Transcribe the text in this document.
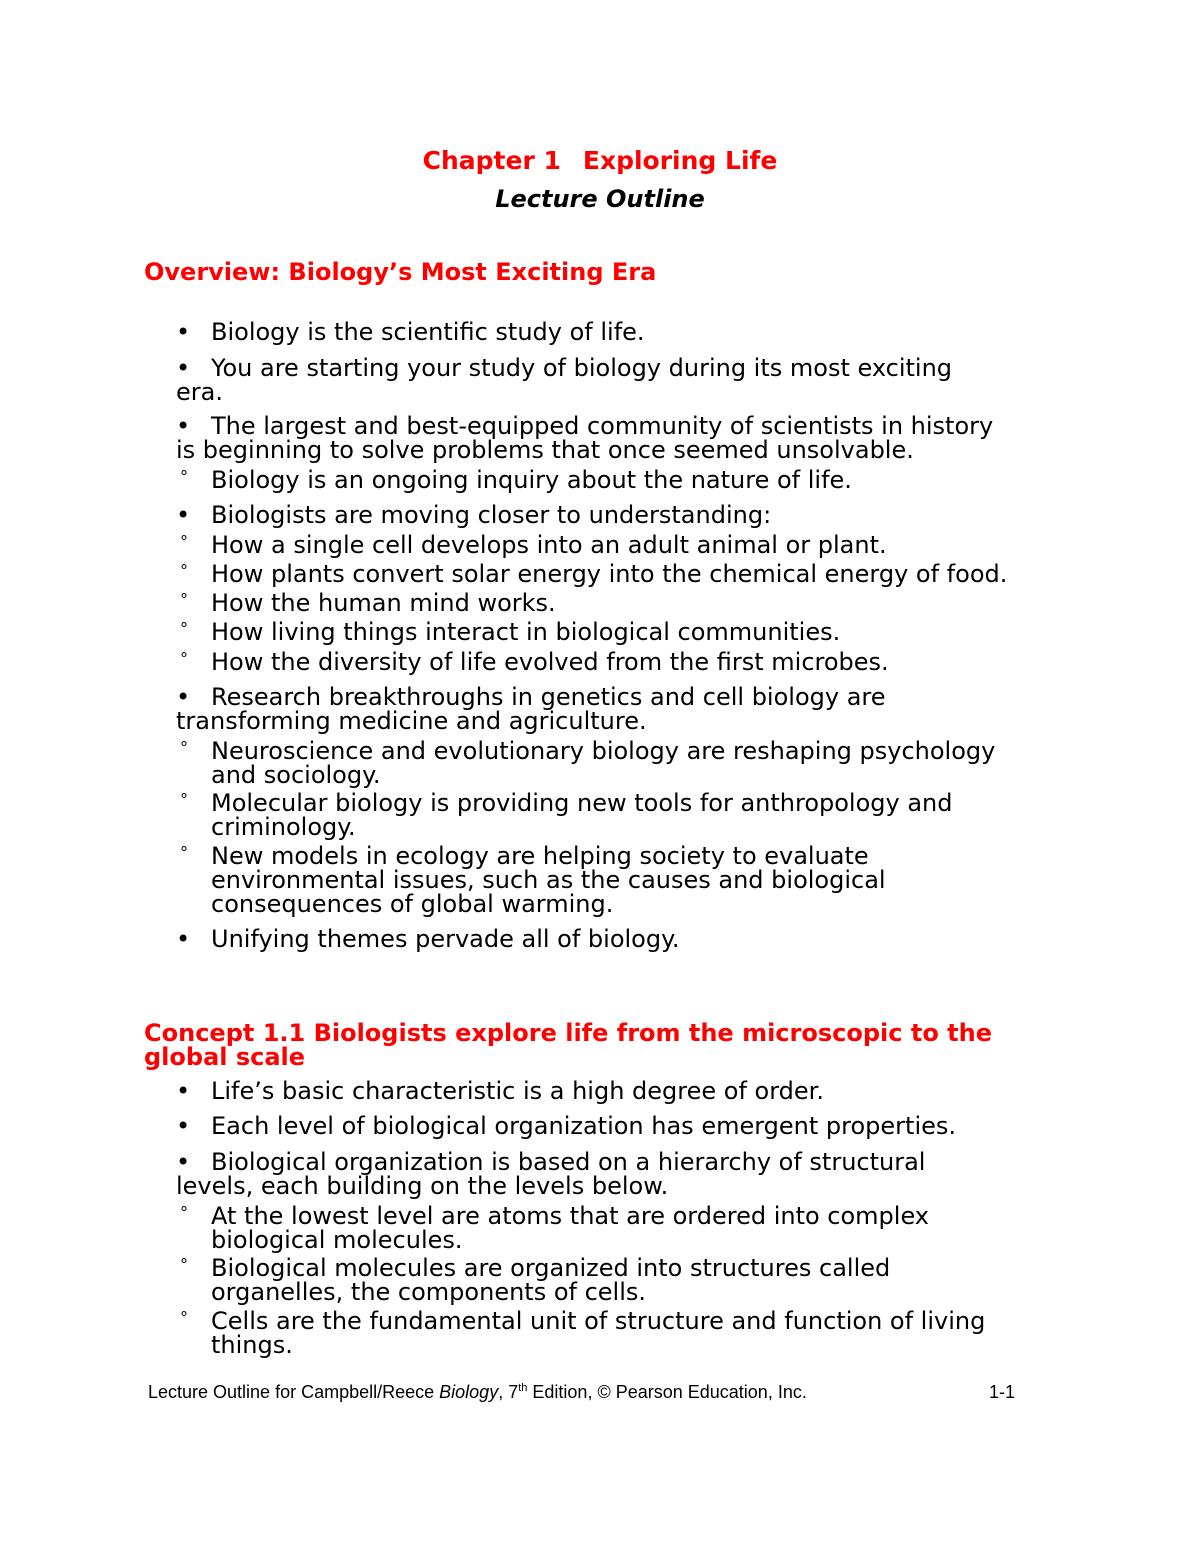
Chapter 1 Exploring Life
Lecture Outline
Overview: Biology’s Most Exciting Era
• Biology is the scientific study of life.
• You are starting your study of biology during its most exciting
era.
• The largest and best-equipped community of scientists in history
is beginning to solve problems that once seemed unsolvable.
° Biology is an ongoing inquiry about the nature of life.
• Biologists are moving closer to understanding:
° How a single cell develops into an adult animal or plant.
° How plants convert solar energy into the chemical energy of food.
° How the human mind works.
° How living things interact in biological communities.
° How the diversity of life evolved from the first microbes.
• Research breakthroughs in genetics and cell biology are
transforming medicine and agriculture.
° Neuroscience and evolutionary biology are reshaping psychology
and sociology.
° Molecular biology is providing new tools for anthropology and
criminology.
° New models in ecology are helping society to evaluate
environmental issues, such as the causes and biological
consequences of global warming.
• Unifying themes pervade all of biology.
Concept 1.1 Biologists explore life from the microscopic to the
global scale
• Life’s basic characteristic is a high degree of order.
• Each level of biological organization has emergent properties.
• Biological organization is based on a hierarchy of structural
levels, each building on the levels below.
° At the lowest level are atoms that are ordered into complex
biological molecules.
° Biological molecules are organized into structures called
organelles, the components of cells.
° Cells are the fundamental unit of structure and function of living
things.
Lecture Outline for Campbell/Reece Biology, 7th Edition, © Pearson Education, Inc.	1-1
